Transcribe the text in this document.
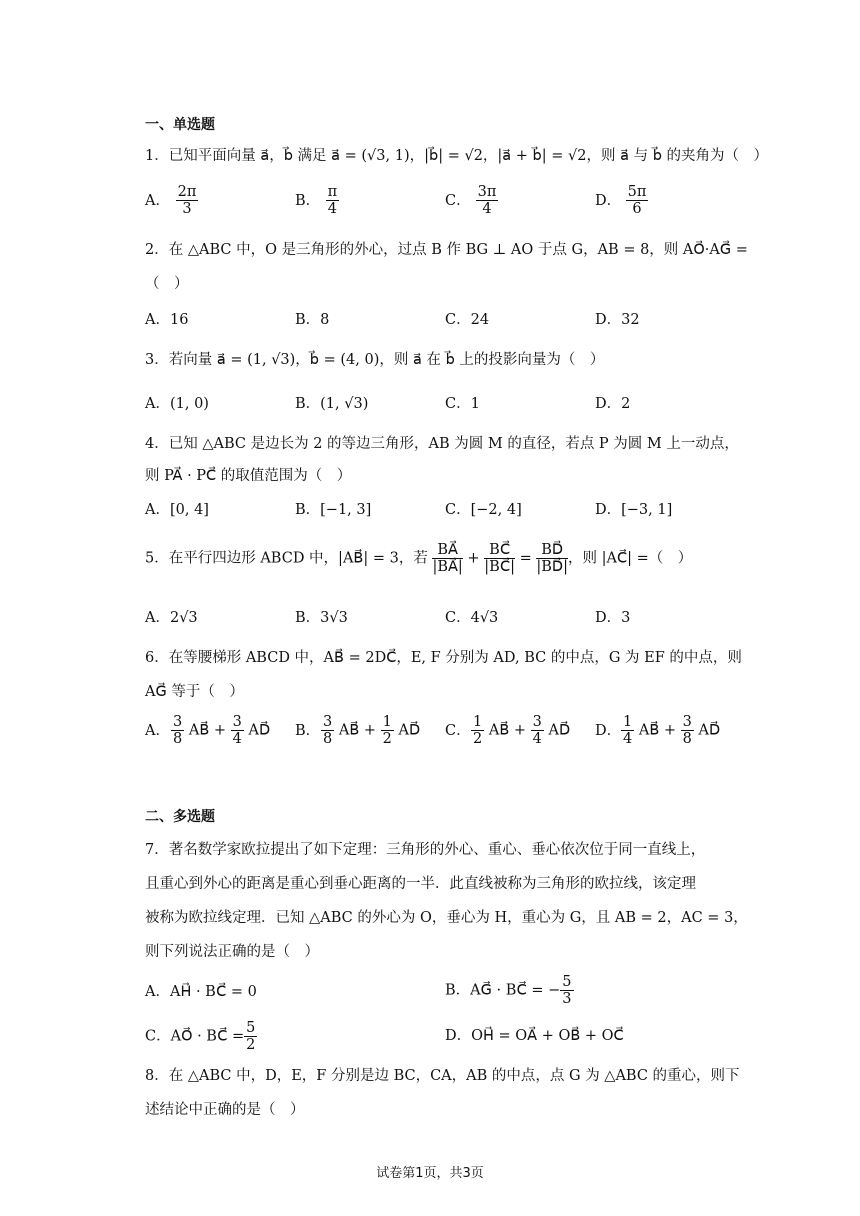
一、单选题
1．已知平面向量 a⃗，b⃗ 满足 a⃗ = (√3, 1)，|b⃗| = √2，|a⃗ + b⃗| = √2，则 a⃗ 与 b⃗ 的夹角为（　）
A． $\frac{2\pi}{3}$	B． $\frac{\pi}{4}$	C． $\frac{3\pi}{4}$	D． $\frac{5\pi}{6}$
2．在 △ABC 中，O 是三角形的外心，过点 B 作 BG ⊥ AO 于点 G，AB = 8，则 AO⃗·AG⃗ =
（　）
A．16	B．8	C．24	D．32
3．若向量 a⃗ = (1, √3)，b⃗ = (4, 0)，则 a⃗ 在 b⃗ 上的投影向量为（　）
A．(1, 0)	B．(1, √3)	C．1	D．2
4．已知 △ABC 是边长为 2 的等边三角形，AB 为圆 M 的直径，若点 P 为圆 M 上一动点，
则 PA⃗ · PC⃗ 的取值范围为（　）
A．[0, 4]	B．[−1, 3]	C．[−2, 4]	D．[−3, 1]
5．在平行四边形 ABCD 中，|AB⃗| = 3，若 $\frac{BA⃗}{|BA⃗|} + \frac{BC⃗}{|BC⃗|} = \frac{BD⃗}{|BD⃗|}$ ，则 |AC⃗| =（　）
A．2√3	B．3√3	C．4√3	D．3
6．在等腰梯形 ABCD 中，AB⃗ = 2DC⃗，E, F 分别为 AD, BC 的中点，G 为 EF 的中点，则
AG⃗ 等于（　）
A． $\frac{3}{8}$ AB⃗ + $\frac{3}{4}$ AD⃗ B． $\frac{3}{8}$ AB⃗ + $\frac{1}{2}$ AD⃗ C． $\frac{1}{2}$ AB⃗ + $\frac{3}{4}$ AD⃗ D． $\frac{1}{4}$ AB⃗ + $\frac{3}{8}$ AD⃗
二、多选题
7．著名数学家欧拉提出了如下定理：三角形的外心、重心、垂心依次位于同一直线上，
且重心到外心的距离是重心到垂心距离的一半．此直线被称为三角形的欧拉线，该定理
被称为欧拉线定理．已知 △ABC 的外心为 O，垂心为 H，重心为 G，且 AB = 2，AC = 3，
则下列说法正确的是（　）
A．AH⃗ · BC⃗ = 0	B．AG⃗ · BC⃗ = − $\frac{5}{3}$
C．AO⃗ · BC⃗ = $\frac{5}{2}$	D．OH⃗ = OA⃗ + OB⃗ + OC⃗
8．在 △ABC 中，D，E，F 分别是边 BC，CA，AB 的中点，点 G 为 △ABC 的重心，则下
述结论中正确的是（　）
试卷第1页，共3页
